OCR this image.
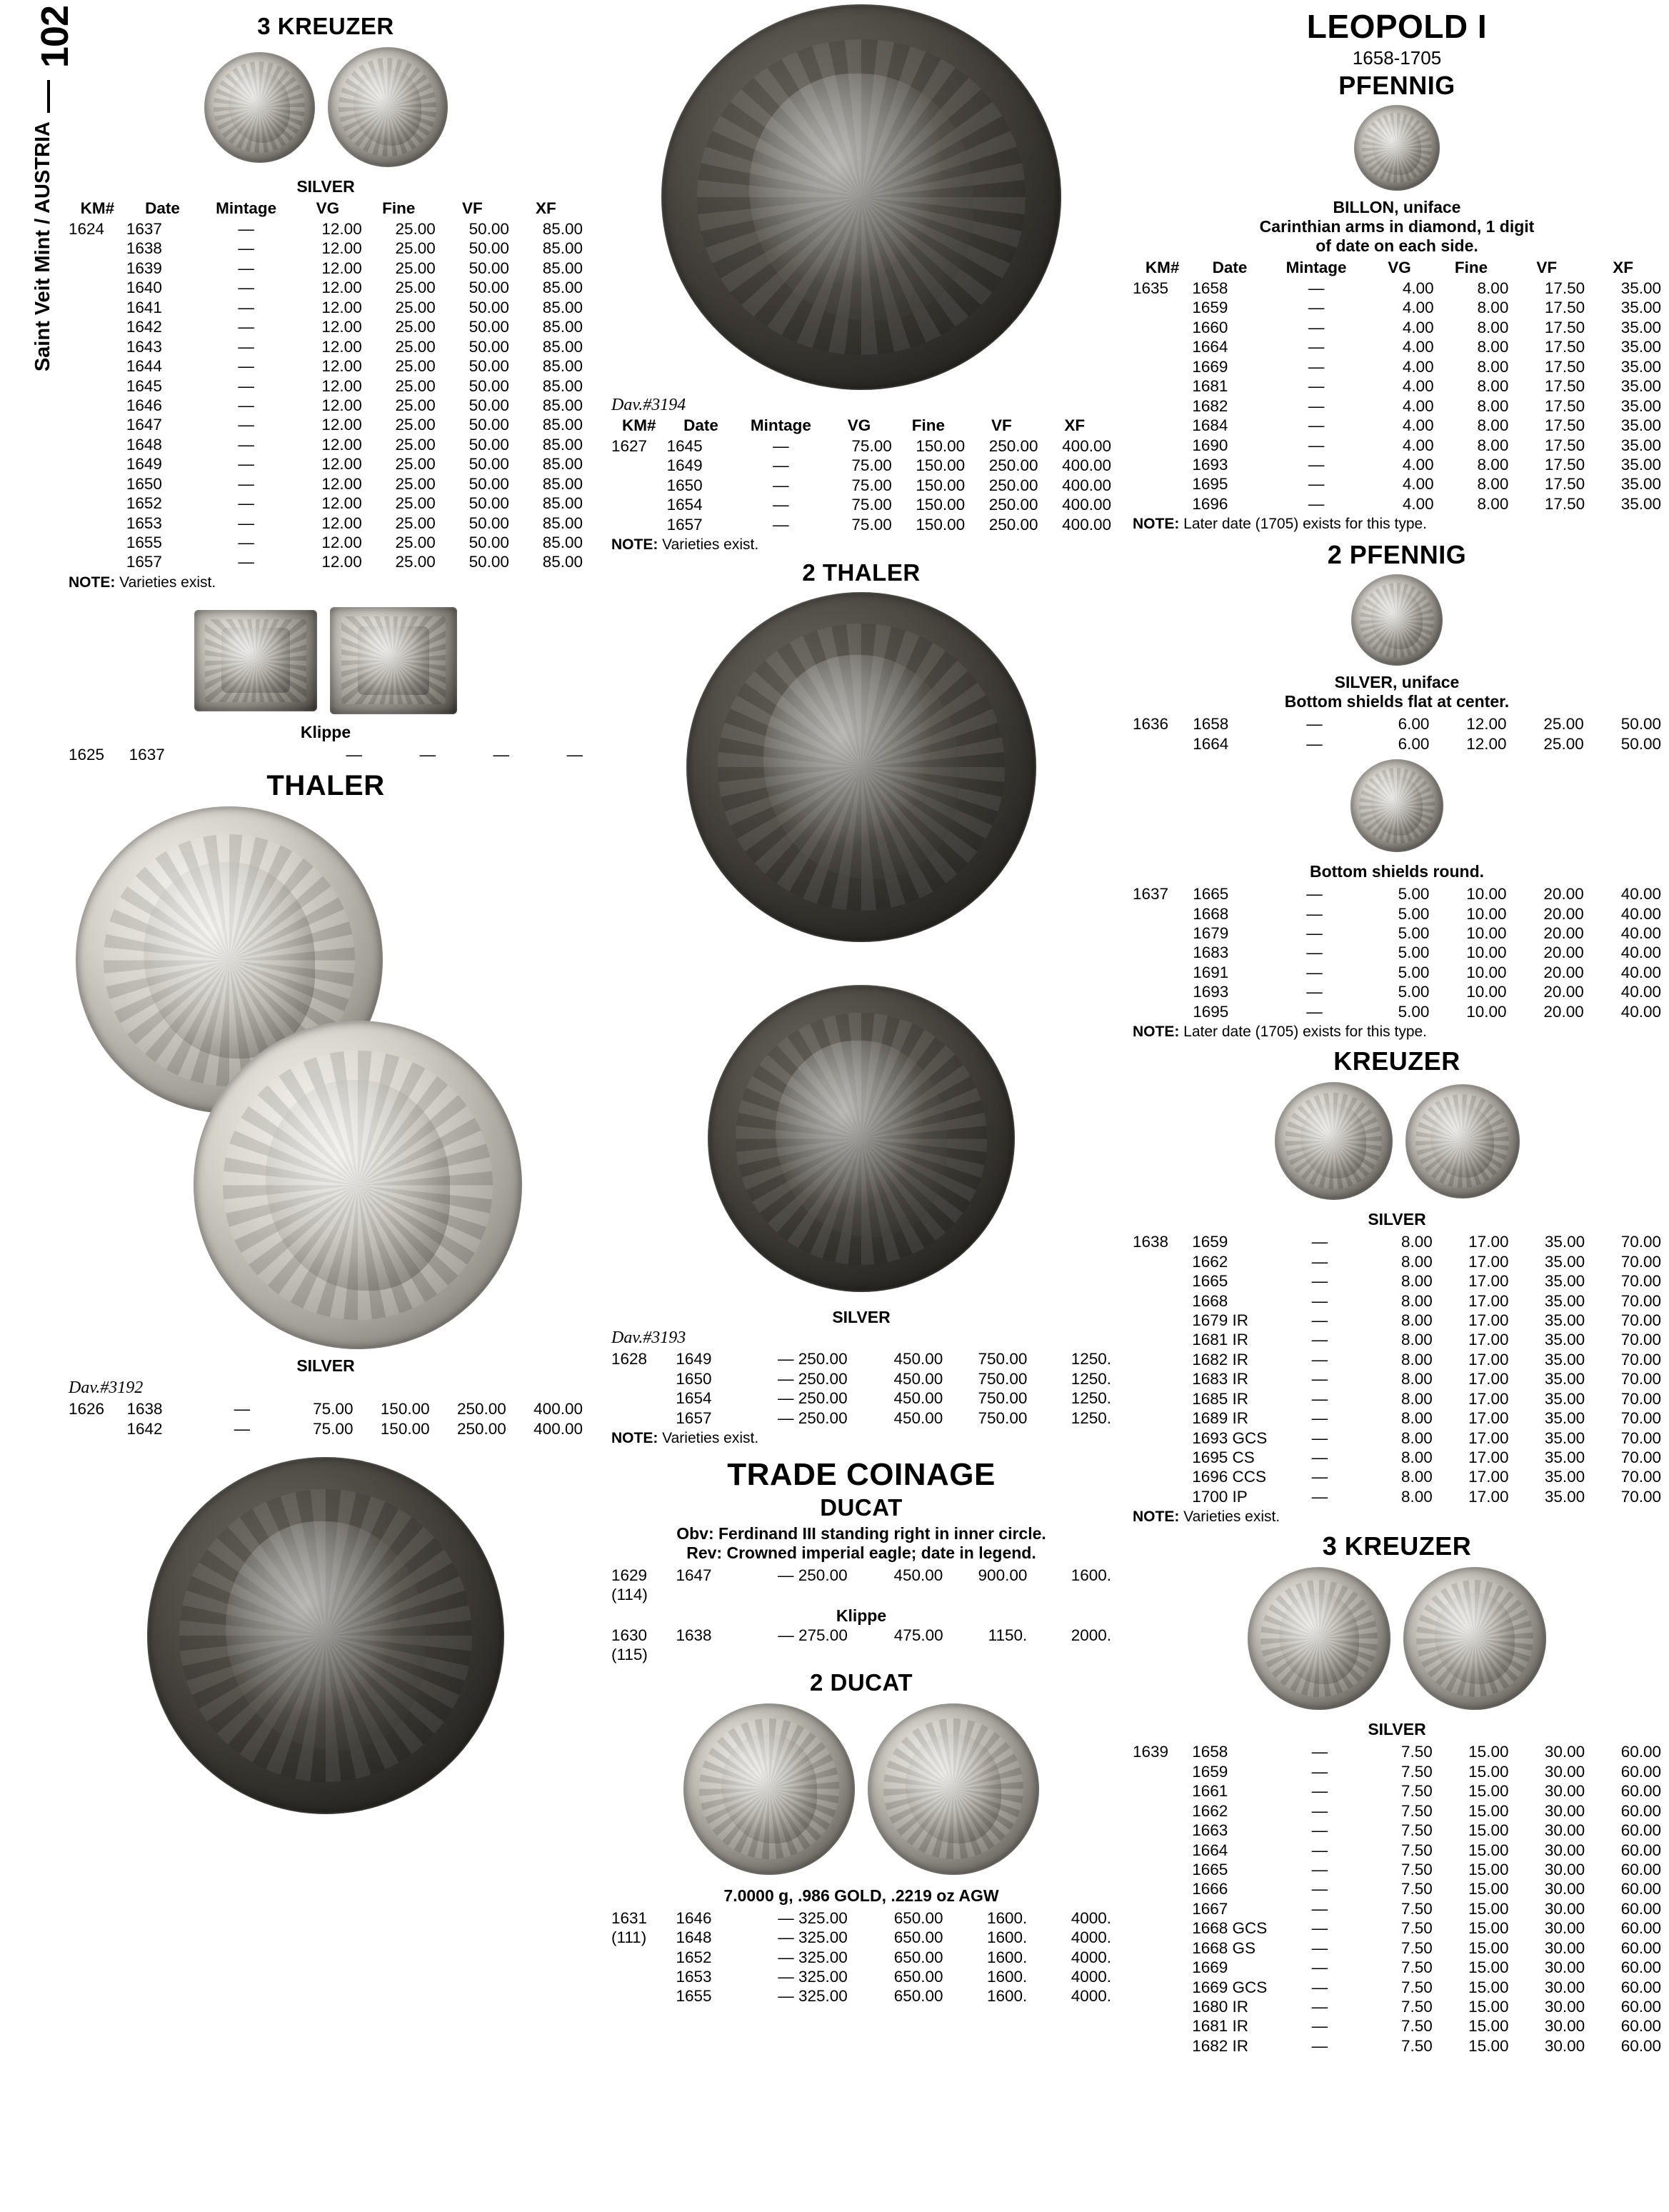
102
Saint Veit Mint / AUSTRIA
3 KREUZER
SILVER
KM#	Date	Mintage	VG	Fine	VF	XF
1624	1637	—	12.00	25.00	50.00	85.00
	1638	—	12.00	25.00	50.00	85.00
	1639	—	12.00	25.00	50.00	85.00
	1640	—	12.00	25.00	50.00	85.00
	1641	—	12.00	25.00	50.00	85.00
	1642	—	12.00	25.00	50.00	85.00
	1643	—	12.00	25.00	50.00	85.00
	1644	—	12.00	25.00	50.00	85.00
	1645	—	12.00	25.00	50.00	85.00
	1646	—	12.00	25.00	50.00	85.00
	1647	—	12.00	25.00	50.00	85.00
	1648	—	12.00	25.00	50.00	85.00
	1649	—	12.00	25.00	50.00	85.00
	1650	—	12.00	25.00	50.00	85.00
	1652	—	12.00	25.00	50.00	85.00
	1653	—	12.00	25.00	50.00	85.00
	1655	—	12.00	25.00	50.00	85.00
	1657	—	12.00	25.00	50.00	85.00
NOTE: Varieties exist.
Klippe
1625	1637		—	—	—	—
THALER
SILVER
Dav.#3192
1626	1638	—	75.00	150.00	250.00	400.00
	1642	—	75.00	150.00	250.00	400.00
Dav.#3194
KM#	Date	Mintage	VG	Fine	VF	XF
1627	1645	—	75.00	150.00	250.00	400.00
	1649	—	75.00	150.00	250.00	400.00
	1650	—	75.00	150.00	250.00	400.00
	1654	—	75.00	150.00	250.00	400.00
	1657	—	75.00	150.00	250.00	400.00
NOTE: Varieties exist.
2 THALER
SILVER
Dav.#3193
1628	1649	— 250.00	450.00	750.00	1250.
	1650	— 250.00	450.00	750.00	1250.
	1654	— 250.00	450.00	750.00	1250.
	1657	— 250.00	450.00	750.00	1250.
NOTE: Varieties exist.
TRADE COINAGE
DUCAT
Obv: Ferdinand III standing right in inner circle.
Rev: Crowned imperial eagle; date in legend.
1629	1647	— 250.00	450.00	900.00	1600.
(114)					
Klippe
1630	1638	— 275.00	475.00	1150.	2000.
(115)					
2 DUCAT
7.0000 g, .986 GOLD, .2219 oz AGW
1631	1646	— 325.00	650.00	1600.	4000.
(111)	1648	— 325.00	650.00	1600.	4000.
	1652	— 325.00	650.00	1600.	4000.
	1653	— 325.00	650.00	1600.	4000.
	1655	— 325.00	650.00	1600.	4000.
LEOPOLD I
1658-1705
PFENNIG
BILLON, uniface
Carinthian arms in diamond, 1 digit
of date on each side.
KM#	Date	Mintage	VG	Fine	VF	XF
1635	1658	—	4.00	8.00	17.50	35.00
	1659	—	4.00	8.00	17.50	35.00
	1660	—	4.00	8.00	17.50	35.00
	1664	—	4.00	8.00	17.50	35.00
	1669	—	4.00	8.00	17.50	35.00
	1681	—	4.00	8.00	17.50	35.00
	1682	—	4.00	8.00	17.50	35.00
	1684	—	4.00	8.00	17.50	35.00
	1690	—	4.00	8.00	17.50	35.00
	1693	—	4.00	8.00	17.50	35.00
	1695	—	4.00	8.00	17.50	35.00
	1696	—	4.00	8.00	17.50	35.00
NOTE: Later date (1705) exists for this type.
2 PFENNIG
SILVER, uniface
Bottom shields flat at center.
1636	1658	—	6.00	12.00	25.00	50.00
	1664	—	6.00	12.00	25.00	50.00
Bottom shields round.
1637	1665	—	5.00	10.00	20.00	40.00
	1668	—	5.00	10.00	20.00	40.00
	1679	—	5.00	10.00	20.00	40.00
	1683	—	5.00	10.00	20.00	40.00
	1691	—	5.00	10.00	20.00	40.00
	1693	—	5.00	10.00	20.00	40.00
	1695	—	5.00	10.00	20.00	40.00
NOTE: Later date (1705) exists for this type.
KREUZER
SILVER
1638	1659	—	8.00	17.00	35.00	70.00
	1662	—	8.00	17.00	35.00	70.00
	1665	—	8.00	17.00	35.00	70.00
	1668	—	8.00	17.00	35.00	70.00
	1679 IR	—	8.00	17.00	35.00	70.00
	1681 IR	—	8.00	17.00	35.00	70.00
	1682 IR	—	8.00	17.00	35.00	70.00
	1683 IR	—	8.00	17.00	35.00	70.00
	1685 IR	—	8.00	17.00	35.00	70.00
	1689 IR	—	8.00	17.00	35.00	70.00
	1693 GCS	—	8.00	17.00	35.00	70.00
	1695 CS	—	8.00	17.00	35.00	70.00
	1696 CCS	—	8.00	17.00	35.00	70.00
	1700 IP	—	8.00	17.00	35.00	70.00
NOTE: Varieties exist.
3 KREUZER
SILVER
1639	1658	—	7.50	15.00	30.00	60.00
	1659	—	7.50	15.00	30.00	60.00
	1661	—	7.50	15.00	30.00	60.00
	1662	—	7.50	15.00	30.00	60.00
	1663	—	7.50	15.00	30.00	60.00
	1664	—	7.50	15.00	30.00	60.00
	1665	—	7.50	15.00	30.00	60.00
	1666	—	7.50	15.00	30.00	60.00
	1667	—	7.50	15.00	30.00	60.00
	1668 GCS	—	7.50	15.00	30.00	60.00
	1668 GS	—	7.50	15.00	30.00	60.00
	1669	—	7.50	15.00	30.00	60.00
	1669 GCS	—	7.50	15.00	30.00	60.00
	1680 IR	—	7.50	15.00	30.00	60.00
	1681 IR	—	7.50	15.00	30.00	60.00
	1682 IR	—	7.50	15.00	30.00	60.00
